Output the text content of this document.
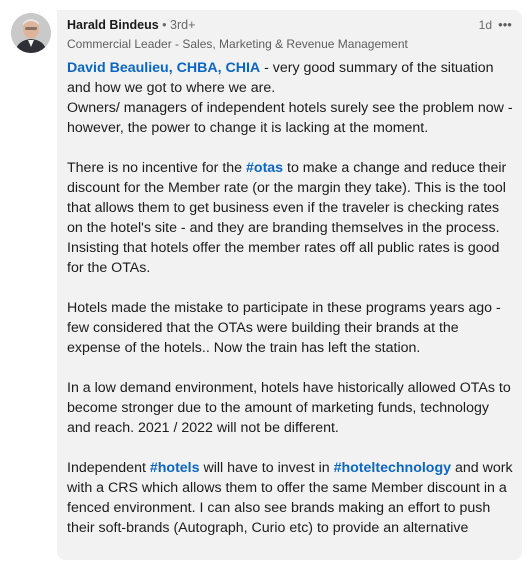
Harald Bindeus • 3rd+
Commercial Leader - Sales, Marketing & Revenue Management
1d •••

David Beaulieu, CHBA, CHIA - very good summary of the situation and how we got to where we are.
Owners/ managers of independent hotels surely see the problem now - however, the power to change it is lacking at the moment.

There is no incentive for the #otas to make a change and reduce their discount for the Member rate (or the margin they take). This is the tool that allows them to get business even if the traveler is checking rates on the hotel's site - and they are branding themselves in the process. Insisting that hotels offer the member rates off all public rates is good for the OTAs.

Hotels made the mistake to participate in these programs years ago - few considered that the OTAs were building their brands at the expense of the hotels.. Now the train has left the station.

In a low demand environment, hotels have historically allowed OTAs to become stronger due to the amount of marketing funds, technology and reach. 2021 / 2022 will not be different.

Independent #hotels will have to invest in #hoteltechnology and work with a CRS which allows them to offer the same Member discount in a fenced environment. I can also see brands making an effort to push their soft-brands (Autograph, Curio etc) to provide an alternative
